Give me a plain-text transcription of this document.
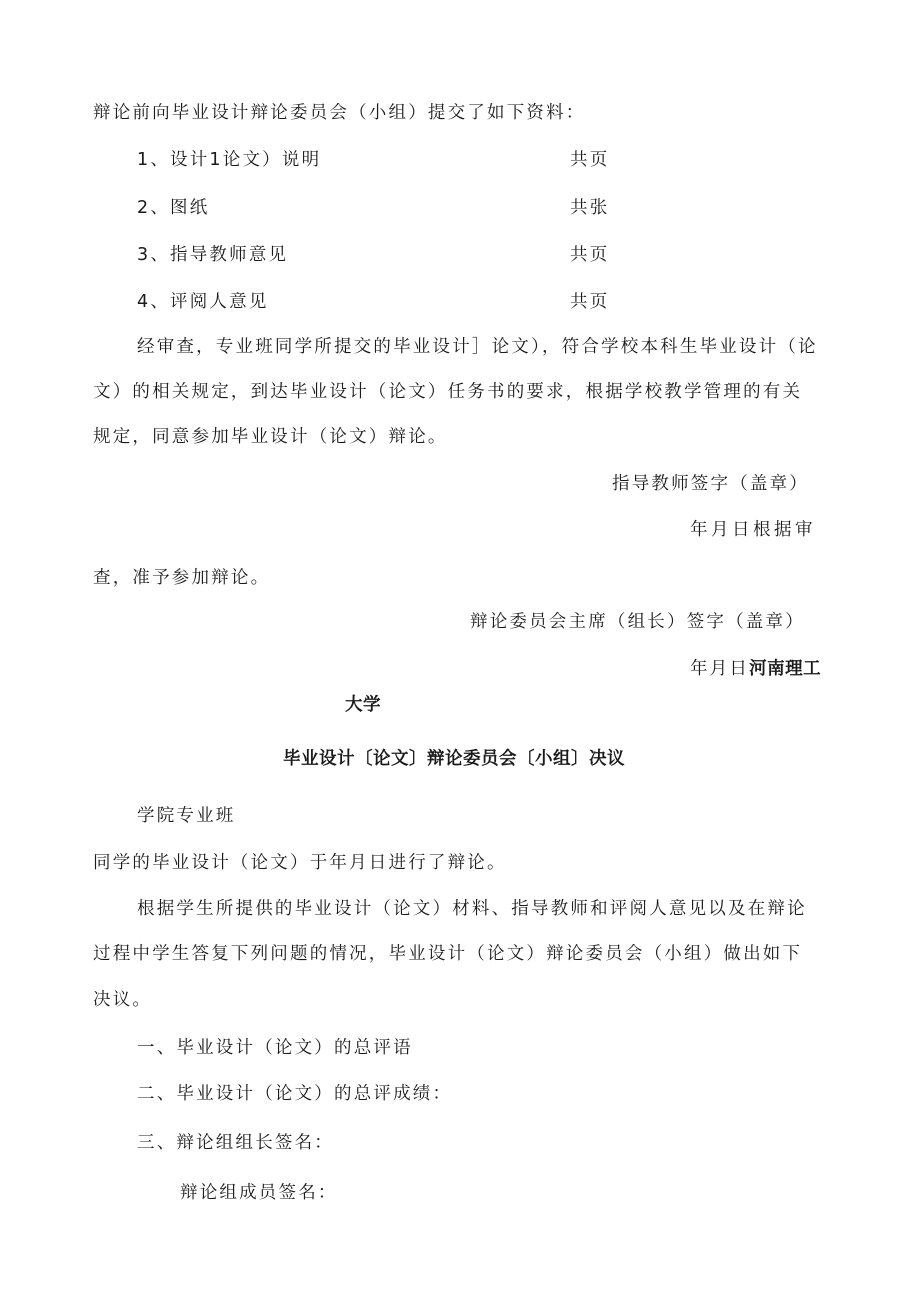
辩论前向毕业设计辩论委员会（小组）提交了如下资料：
1、设计1论文）说明	共页
2、图纸	共张
3、指导教师意见	共页
4、评阅人意见	共页
经审查，专业班同学所提交的毕业设计］论文），符合学校本科生毕业设计（论
文）的相关规定，到达毕业设计（论文）任务书的要求，根据学校教学管理的有关
规定，同意参加毕业设计（论文）辩论。
指导教师签字（盖章）
年月日根据审
查，准予参加辩论。
辩论委员会主席（组长）签字（盖章）
年月日河南理工
大学
毕业设计〔论文〕辩论委员会〔小组〕决议
学院专业班
同学的毕业设计（论文）于年月日进行了辩论。
根据学生所提供的毕业设计（论文）材料、指导教师和评阅人意见以及在辩论
过程中学生答复下列问题的情况，毕业设计（论文）辩论委员会（小组）做出如下
决议。
一、毕业设计（论文）的总评语
二、毕业设计（论文）的总评成绩：
三、辩论组组长签名：
辩论组成员签名：
